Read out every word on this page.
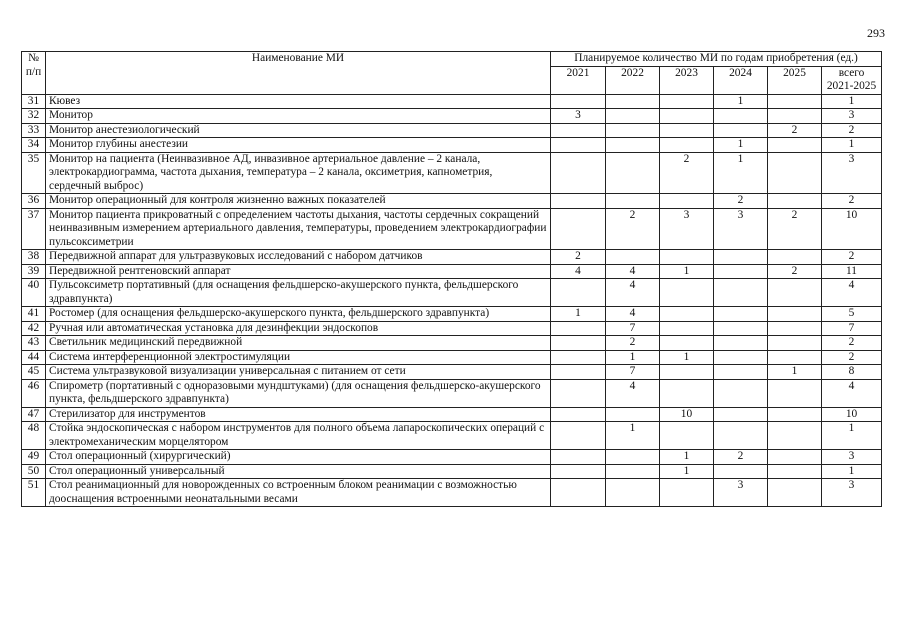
293
№
п/п	Наименование МИ	Планируемое количество МИ по годам приобретения (ед.)					
		2021	2022	2023	2024	2025	всего 2021-2025
31	Кювез				1		1
32	Монитор	3					3
33	Монитор анестезиологический					2	2
34	Монитор глубины анестезии				1		1
35	Монитор на пациента (Неинвазивное АД, инвазивное артериальное давление – 2 канала, электрокардиограмма, частота дыхания, температура – 2 канала, оксиметрия, капнометрия, сердечный выброс)			2	1		3
36	Монитор операционный для контроля жизненно важных показателей				2		2
37	Монитор пациента прикроватный с определением частоты дыхания, частоты сердечных сокращений неинвазивным измерением артериального давления, температуры, проведением электрокардиографии пульсоксиметрии		2	3	3	2	10
38	Передвижной аппарат для ультразвуковых исследований с набором датчиков	2					2
39	Передвижной рентгеновский аппарат	4	4	1		2	11
40	Пульсоксиметр портативный (для оснащения фельдшерско-акушерского пункта, фельдшерского здравпункта)		4				4
41	Ростомер (для оснащения фельдшерско-акушерского пункта, фельдшерского здравпункта)	1	4				5
42	Ручная или автоматическая установка для дезинфекции эндоскопов		7				7
43	Светильник медицинский передвижной		2				2
44	Система интерференционной электростимуляции		1	1			2
45	Система ультразвуковой визуализации универсальная с питанием от сети		7			1	8
46	Спирометр (портативный с одноразовыми мундштуками) (для оснащения фельдшерско-акушерского пункта, фельдшерского здравпункта)		4				4
47	Стерилизатор для инструментов			10			10
48	Стойка эндоскопическая с набором инструментов для полного объема лапароскопических операций с электромеханическим морцелятором		1				1
49	Стол операционный (хирургический)			1	2		3
50	Стол операционный универсальный			1			1
51	Стол реанимационный для новорожденных со встроенным блоком реанимации с возможностью дооснащения встроенными неонатальными весами				3		3
